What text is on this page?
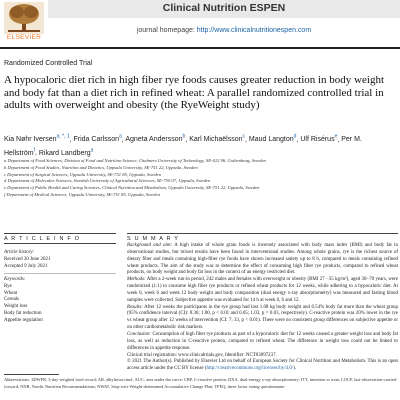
ELSEVIER
Clinical Nutrition ESPEN
journal homepage: http://www.clinicalnutritionespen.com
Randomized Controlled Trial
A hypocaloric diet rich in high fiber rye foods causes greater reduction in body weight and body fat than a diet rich in refined wheat: A parallel randomized controlled trial in adults with overweight and obesity (the RyeWeight study)
Kia Nøhr Iversen$^{a, *, 1}$, Frida Carlsson$^a$, Agneta Andersson$^b$, Karl Michaëlsson$^c$, Maud Langton$^d$, Ulf Risérus$^e$, Per M. Hellström$^f$, Rikard Landberg$^a$
a Department of Food Sciences, Division of Food and Nutrition Science, Chalmers University of Technology, SE-412 96, Gothenburg, Sweden
b Department of Food Studies, Nutrition and Dietetics, Uppsala University, SE-751 22, Uppsala, Sweden
c Department of Surgical Sciences, Uppsala University, SE-751 85, Uppsala, Sweden
d Department of Molecular Sciences, Swedish University of Agricultural Sciences, SE-750 07, Uppsala, Sweden
e Department of Public Health and Caring Sciences, Clinical Nutrition and Metabolism, Uppsala University, SE-751 22, Uppsala, Sweden
f Department of Medical Sciences, Uppsala University, SE-751 85, Uppsala, Sweden
A R T I C L E I N F O	S U M M A R Y
Article history:
Received 30 June 2021
Accepted 9 July 2021
Keywords:
Rye
Wheat
Cereals
Weight loss
Body fat reduction
Appetite regulation

Background and aim: A high intake of whole grain foods is inversely associated with body mass index (BMI) and body fat in observational studies, but mixed results have been found in interventional studies. Among whole grains, rye is the richest source of dietary fiber and meals containing high-fiber rye foods have shown increased satiety up to 8 h, compared to meals containing refined wheat products. The aim of the study was to determine the effect of consuming high fiber rye products, compared to refined wheat products, on body weight and body fat loss in the context of an energy restricted diet.

Methods: After a 2-week run-in period, 242 males and females with overweight or obesity (BMI 27 −35 kg/m²), aged 30−70 years, were randomized (1:1) to consume high fiber rye products or refined wheat products for 12 weeks, while adhering to a hypocaloric diet. At week 0, week 6 and week 12 body weight and body composition (dual energy x-ray absorptiometry) was measured and fasting blood samples were collected. Subjective appetite was evaluated for 14 h at week 0, 6 and 12.

Results: After 12 weeks the participants in the rye group had lost 1.08 kg body weight and 0.54% body fat more than the wheat group (95% confidence interval (CI): 0.36; 1.80, p < 0.01 and 0.05; 1.03, p = 0.03, respectively). C-reactive protein was 20% lower in the rye vs wheat group after 12 weeks of intervention (CI: 7; 33, p < 0.01). There were no consistent group differences on subjective appetite or on other cardiometabolic risk markers.

Conclusion: Consumption of high fiber rye products as part of a hypocaloric diet for 12 weeks caused a greater weight loss and body fat loss, as well as reduction in C-reactive protein, compared to refined wheat. The difference in weight loss could not be linked to differences in appetite response.

Clinical trial registration: www.clinicaltrials.gov, Identifier: NCT03097237.

© 2021 The Author(s). Published by Elsevier Ltd on behalf of European Society for Clinical Nutrition and Metabolism. This is an open access article under the CC BY license (http://creativecommons.org/licenses/by/4.0/).

Abbreviations: 3DWFR, 3-day weighed food record; AR, alkylresorcinol; AUC, area under the curve; CRP, C-reactive protein; DXA, dual-energy x-ray absorptiometry; ITT, intention to treat; LOCF, last-observation-carried-forward; NNR, Nordic Nutrition Recommendations; NWAT, Stop-wire Weight-determined Accumulative Change Plan; TFEQ, three factor eating questionnaire.
